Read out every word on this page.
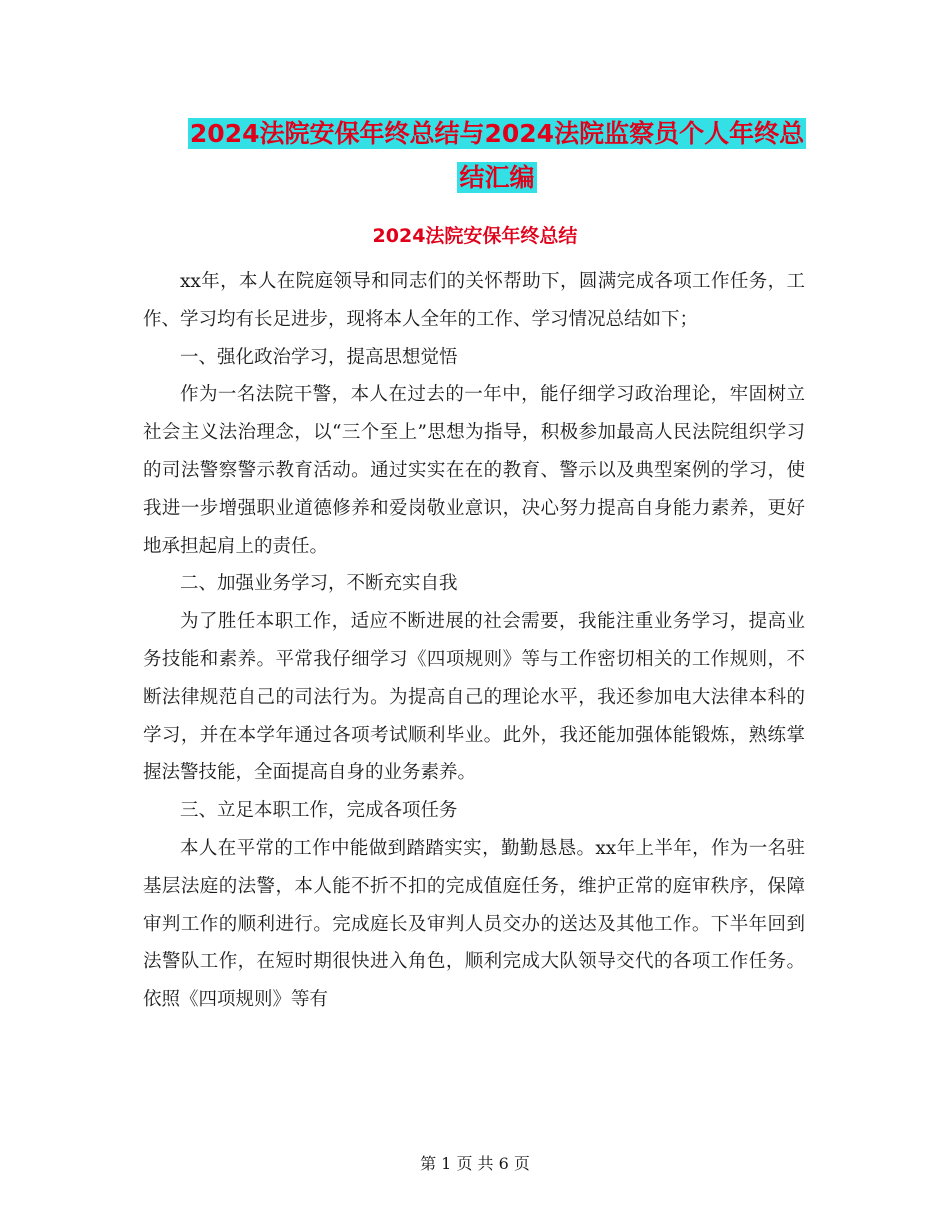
2024法院安保年终总结与2024法院监察员个人年终总
结汇编
2024法院安保年终总结

xx年，本人在院庭领导和同志们的关怀帮助下，圆满完成各项工作任务，工作、学习均有长足进步，现将本人全年的工作、学习情况总结如下；

一、强化政治学习，提高思想觉悟

作为一名法院干警，本人在过去的一年中，能仔细学习政治理论，牢固树立社会主义法治理念，以“三个至上”思想为指导，积极参加最高人民法院组织学习的司法警察警示教育活动。通过实实在在的教育、警示以及典型案例的学习，使我进一步增强职业道德修养和爱岗敬业意识，决心努力提高自身能力素养，更好地承担起肩上的责任。

二、加强业务学习，不断充实自我

为了胜任本职工作，适应不断进展的社会需要，我能注重业务学习，提高业务技能和素养。平常我仔细学习《四项规则》等与工作密切相关的工作规则，不断法律规范自己的司法行为。为提高自己的理论水平，我还参加电大法律本科的学习，并在本学年通过各项考试顺利毕业。此外，我还能加强体能锻炼，熟练掌握法警技能，全面提高自身的业务素养。

三、立足本职工作，完成各项任务

本人在平常的工作中能做到踏踏实实，勤勤恳恳。xx年上半年，作为一名驻基层法庭的法警，本人能不折不扣的完成值庭任务，维护正常的庭审秩序，保障审判工作的顺利进行。完成庭长及审判人员交办的送达及其他工作。下半年回到法警队工作，在短时期很快进入角色，顺利完成大队领导交代的各项工作任务。依照《四项规则》等有

第 1 页 共 6 页
